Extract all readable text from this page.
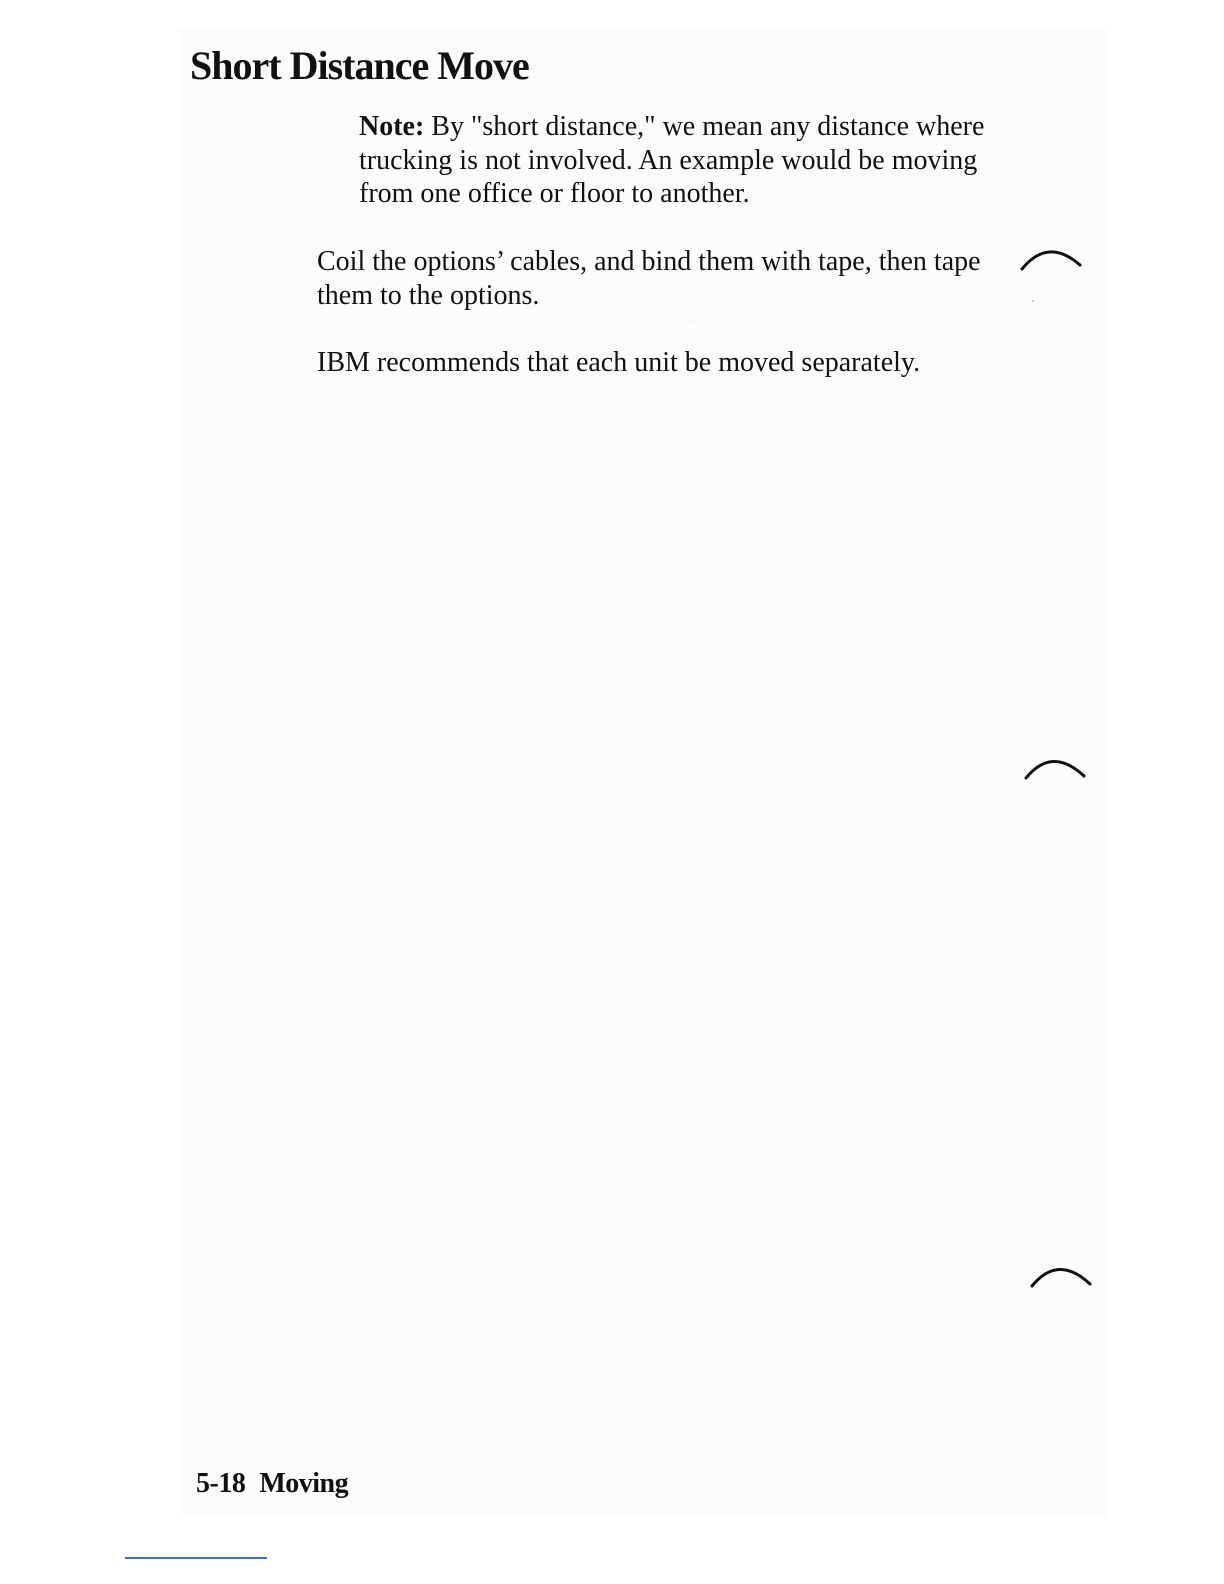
Short Distance Move

Note: By "short distance," we mean any distance where trucking is not involved. An example would be moving from one office or floor to another.

Coil the options’ cables, and bind them with tape, then tape them to the options.

IBM recommends that each unit be moved separately.

5-18 Moving
